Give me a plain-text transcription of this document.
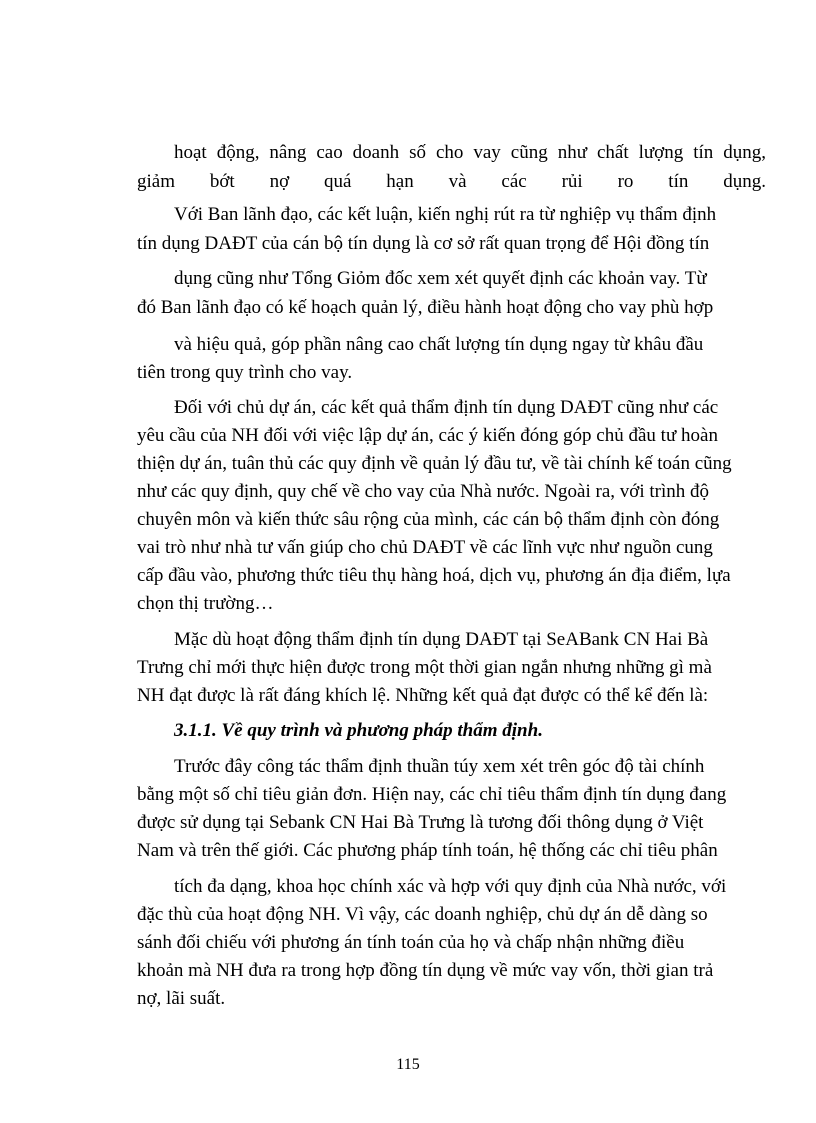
hoạt động, nâng cao doanh số cho vay cũng như chất lượng tín dụng,

giảm bớt nợ quá hạn và các rủi ro tín dụng.

Với Ban lãnh đạo, các kết luận, kiến nghị rút ra từ nghiệp vụ thẩm định

tín dụng DAĐT của cán bộ tín dụng là cơ sở rất quan trọng để Hội đồng tín

dụng cũng như Tổng Giỏm đốc xem xét quyết định các khoản vay. Từ

đó Ban lãnh đạo có kế hoạch quản lý, điều hành hoạt động cho vay phù hợp

và hiệu quả, góp phần nâng cao chất lượng tín dụng ngay từ khâu đầu

tiên trong quy trình cho vay.

Đối với chủ dự án, các kết quả thẩm định tín dụng DAĐT cũng như các

yêu cầu của NH đối với việc lập dự án, các ý kiến đóng góp chủ đầu tư hoàn

thiện dự án, tuân thủ các quy định về quản lý đầu tư, về tài chính kế toán cũng

như các quy định, quy chế về cho vay của Nhà nước. Ngoài ra, với trình độ

chuyên môn và kiến thức sâu rộng của mình, các cán bộ thẩm định còn đóng

vai trò như nhà tư vấn giúp cho chủ DAĐT về các lĩnh vực như nguồn cung

cấp đầu vào, phương thức tiêu thụ hàng hoá, dịch vụ, phương án địa điểm, lựa

chọn thị trường…

Mặc dù hoạt động thẩm định tín dụng DAĐT tại SeABank CN Hai Bà

Trưng chỉ mới thực hiện được trong một thời gian ngắn nhưng những gì mà

NH đạt được là rất đáng khích lệ. Những kết quả đạt được có thể kể đến là:

3.1.1. Về quy trình và phương pháp thẩm định.

Trước đây công tác thẩm định thuần túy xem xét trên góc độ tài chính

bằng một số chỉ tiêu giản đơn. Hiện nay, các chỉ tiêu thẩm định tín dụng đang

được sử dụng tại Sebank CN Hai Bà Trưng là tương đối thông dụng ở Việt

Nam và trên thế giới. Các phương pháp tính toán, hệ thống các chỉ tiêu phân

tích đa dạng, khoa học chính xác và hợp với quy định của Nhà nước, với

đặc thù của hoạt động NH. Vì vậy, các doanh nghiệp, chủ dự án dễ dàng so

sánh đối chiếu với phương án tính toán của họ và chấp nhận những điều

khoản mà NH đưa ra trong hợp đồng tín dụng về mức vay vốn, thời gian trả

nợ, lãi suất.

115
